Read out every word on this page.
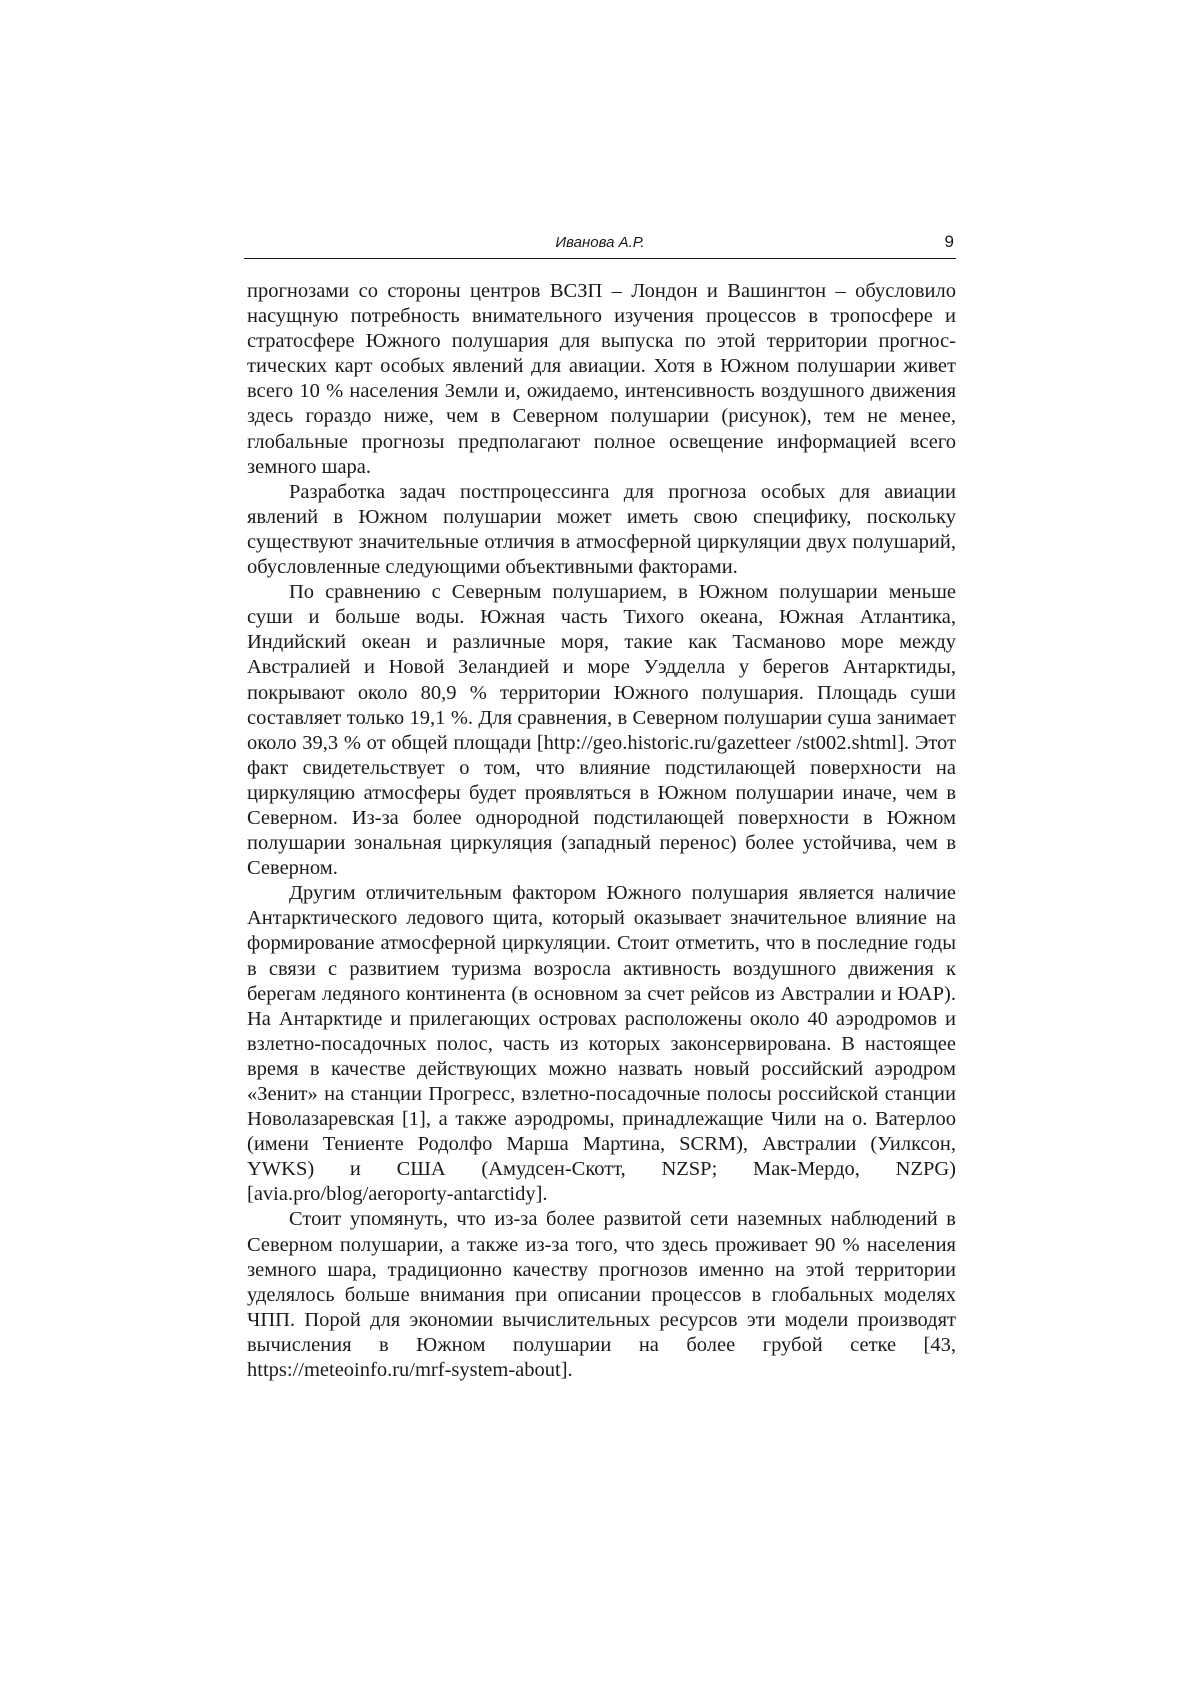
Иванова А.Р.	9

прогнозами со стороны центров ВСЗП – Лондон и Вашингтон – обусловило насущную потребность внимательного изучения процессов в тропосфере и стратосфере Южного полушария для выпуска по этой территории прогностических карт особых явлений для авиации. Хотя в Южном полушарии живет всего 10 % населения Земли и, ожидаемо, интенсивность воздушного движения здесь гораздо ниже, чем в Северном полушарии (рисунок), тем не менее, глобальные прогнозы предполагают полное освещение информацией всего земного шара.

Разработка задач постпроцессинга для прогноза особых для авиации явлений в Южном полушарии может иметь свою специфику, поскольку существуют значительные отличия в атмосферной циркуляции двух полушарий, обусловленные следующими объективными факторами.

По сравнению с Северным полушарием, в Южном полушарии меньше суши и больше воды. Южная часть Тихого океана, Южная Атлантика, Индийский океан и различные моря, такие как Тасманово море между Австралией и Новой Зеландией и море Уэдделла у берегов Антарктиды, покрывают около 80,9 % территории Южного полушария. Площадь суши составляет только 19,1 %. Для сравнения, в Северном полушарии суша занимает около 39,3 % от общей площади [http://geo.historic.ru/gazetteer /st002.shtml]. Этот факт свидетельствует о том, что влияние подстилающей поверхности на циркуляцию атмосферы будет проявляться в Южном полушарии иначе, чем в Северном. Из-за более однородной подстилающей поверхности в Южном полушарии зональная циркуляция (западный перенос) более устойчива, чем в Северном.

Другим отличительным фактором Южного полушария является наличие Антарктического ледового щита, который оказывает значительное влияние на формирование атмосферной циркуляции. Стоит отметить, что в последние годы в связи с развитием туризма возросла активность воздушного движения к берегам ледяного континента (в основном за счет рейсов из Австралии и ЮАР). На Антарктиде и прилегающих островах расположены около 40 аэродромов и взлетно-посадочных полос, часть из которых законсервирована. В настоящее время в качестве действующих можно назвать новый российский аэродром «Зенит» на станции Прогресс, взлетно-посадочные полосы российской станции Новолазаревская [1], а также аэродромы, принадлежащие Чили на о. Ватерлоо (имени Тениенте Родолфо Марша Мартина, SCRM), Австралии (Уилксон, YWKS) и США (Амудсен-Скотт, NZSP; Мак-Мердо, NZPG) [avia.pro/blog/aeroporty-antarctidy].

Стоит упомянуть, что из-за более развитой сети наземных наблюдений в Северном полушарии, а также из-за того, что здесь проживает 90 % населения земного шара, традиционно качеству прогнозов именно на этой территории уделялось больше внимания при описании процессов в глобальных моделях ЧПП. Порой для экономии вычислительных ресурсов эти модели производят вычисления в Южном полушарии на более грубой сетке [43, https://meteoinfo.ru/mrf-system-about].
